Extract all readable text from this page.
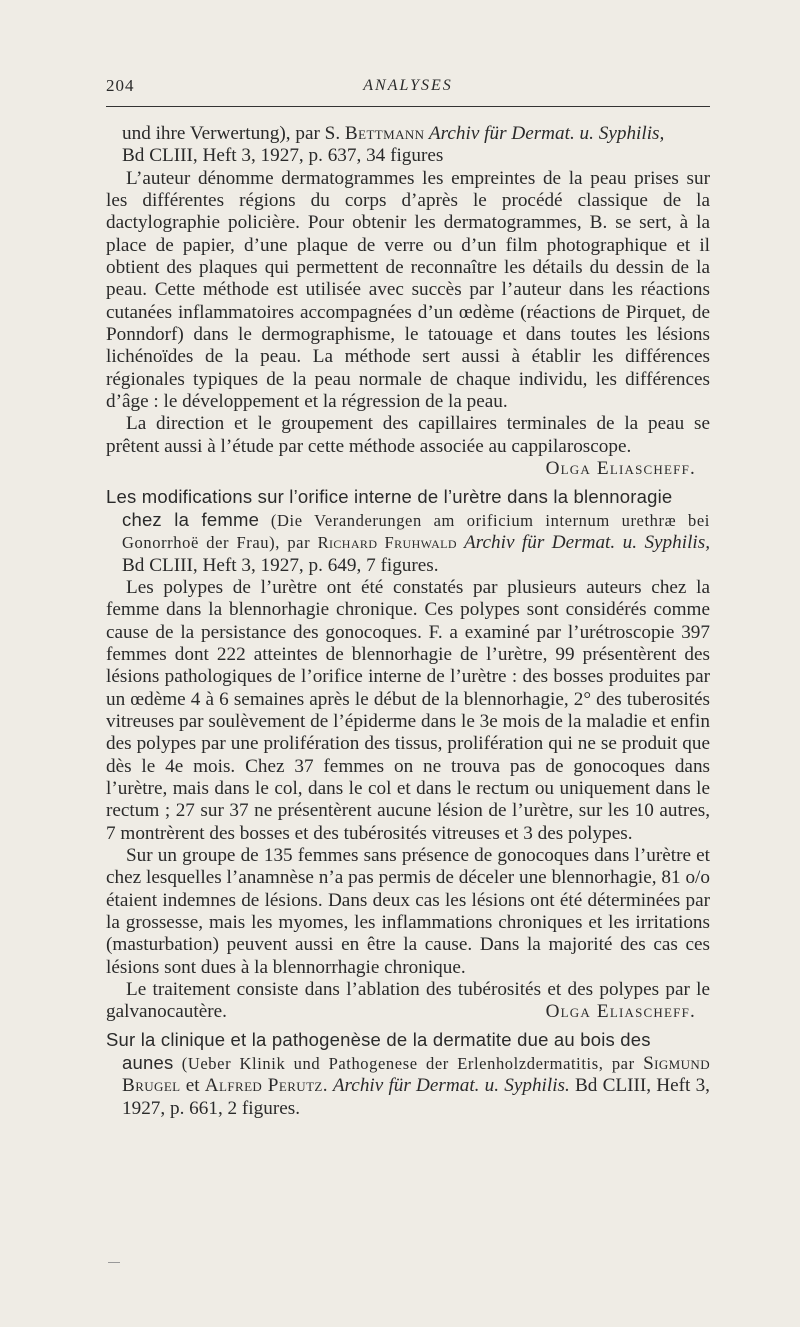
204	ANALYSES

und ihre Verwertung), par S. Bettmann Archiv für Dermat. u. Syphilis,
Bd CLIII, Heft 3, 1927, p. 637, 34 figures

L’auteur dénomme dermatogrammes les empreintes de la peau prises sur les différentes régions du corps d’après le procédé classique de la dactylographie policière. Pour obtenir les dermatogrammes, B. se sert, à la place de papier, d’une plaque de verre ou d’un film photographique et il obtient des plaques qui permettent de reconnaître les détails du dessin de la peau. Cette méthode est utilisée avec succès par l’auteur dans les réactions cutanées inflammatoires accompagnées d’un œdème (réactions de Pirquet, de Ponndorf) dans le dermographisme, le tatouage et dans toutes les lésions lichénoïdes de la peau. La méthode sert aussi à établir les différences régionales typiques de la peau normale de chaque individu, les différences d’âge : le développement et la régression de la peau.

La direction et le groupement des capillaires terminales de la peau se prêtent aussi à l’étude par cette méthode associée au cappilaroscope.
Olga Eliascheff.

Les modifications sur l’orifice interne de l’urètre dans la blennoragie
chez la femme (Die Veranderungen am orificium internum urethræ bei Gonorrhoë der Frau), par Richard Fruhwald Archiv für Dermat. u. Syphilis, Bd CLIII, Heft 3, 1927, p. 649, 7 figures.

Les polypes de l’urètre ont été constatés par plusieurs auteurs chez la femme dans la blennorhagie chronique. Ces polypes sont considérés comme cause de la persistance des gonocoques. F. a examiné par l’urétroscopie 397 femmes dont 222 atteintes de blennorhagie de l’urètre, 99 présentèrent des lésions pathologiques de l’orifice interne de l’urètre : des bosses produites par un œdème 4 à 6 semaines après le début de la blennorhagie, 2° des tuberosités vitreuses par soulèvement de l’épiderme dans le 3e mois de la maladie et enfin des polypes par une prolifération des tissus, prolifération qui ne se produit que dès le 4e mois. Chez 37 femmes on ne trouva pas de gonocoques dans l’urètre, mais dans le col, dans le col et dans le rectum ou uniquement dans le rectum ; 27 sur 37 ne présentèrent aucune lésion de l’urètre, sur les 10 autres, 7 montrèrent des bosses et des tubérosités vitreuses et 3 des polypes.

Sur un groupe de 135 femmes sans présence de gonocoques dans l’urètre et chez lesquelles l’anamnèse n’a pas permis de déceler une blennorhagie, 81 o/o étaient indemnes de lésions. Dans deux cas les lésions ont été déterminées par la grossesse, mais les myomes, les inflammations chroniques et les irritations (masturbation) peuvent aussi en être la cause. Dans la majorité des cas ces lésions sont dues à la blennorrhagie chronique.

Le traitement consiste dans l’ablation des tubérosités et des polypes par le galvanocautère.	Olga Eliascheff.

Sur la clinique et la pathogenèse de la dermatite due au bois des
aunes (Ueber Klinik und Pathogenese der Erlenholzdermatitis, par Sigmund Brugel et Alfred Perutz. Archiv für Dermat. u. Syphilis. Bd CLIII, Heft 3, 1927, p. 661, 2 figures.
